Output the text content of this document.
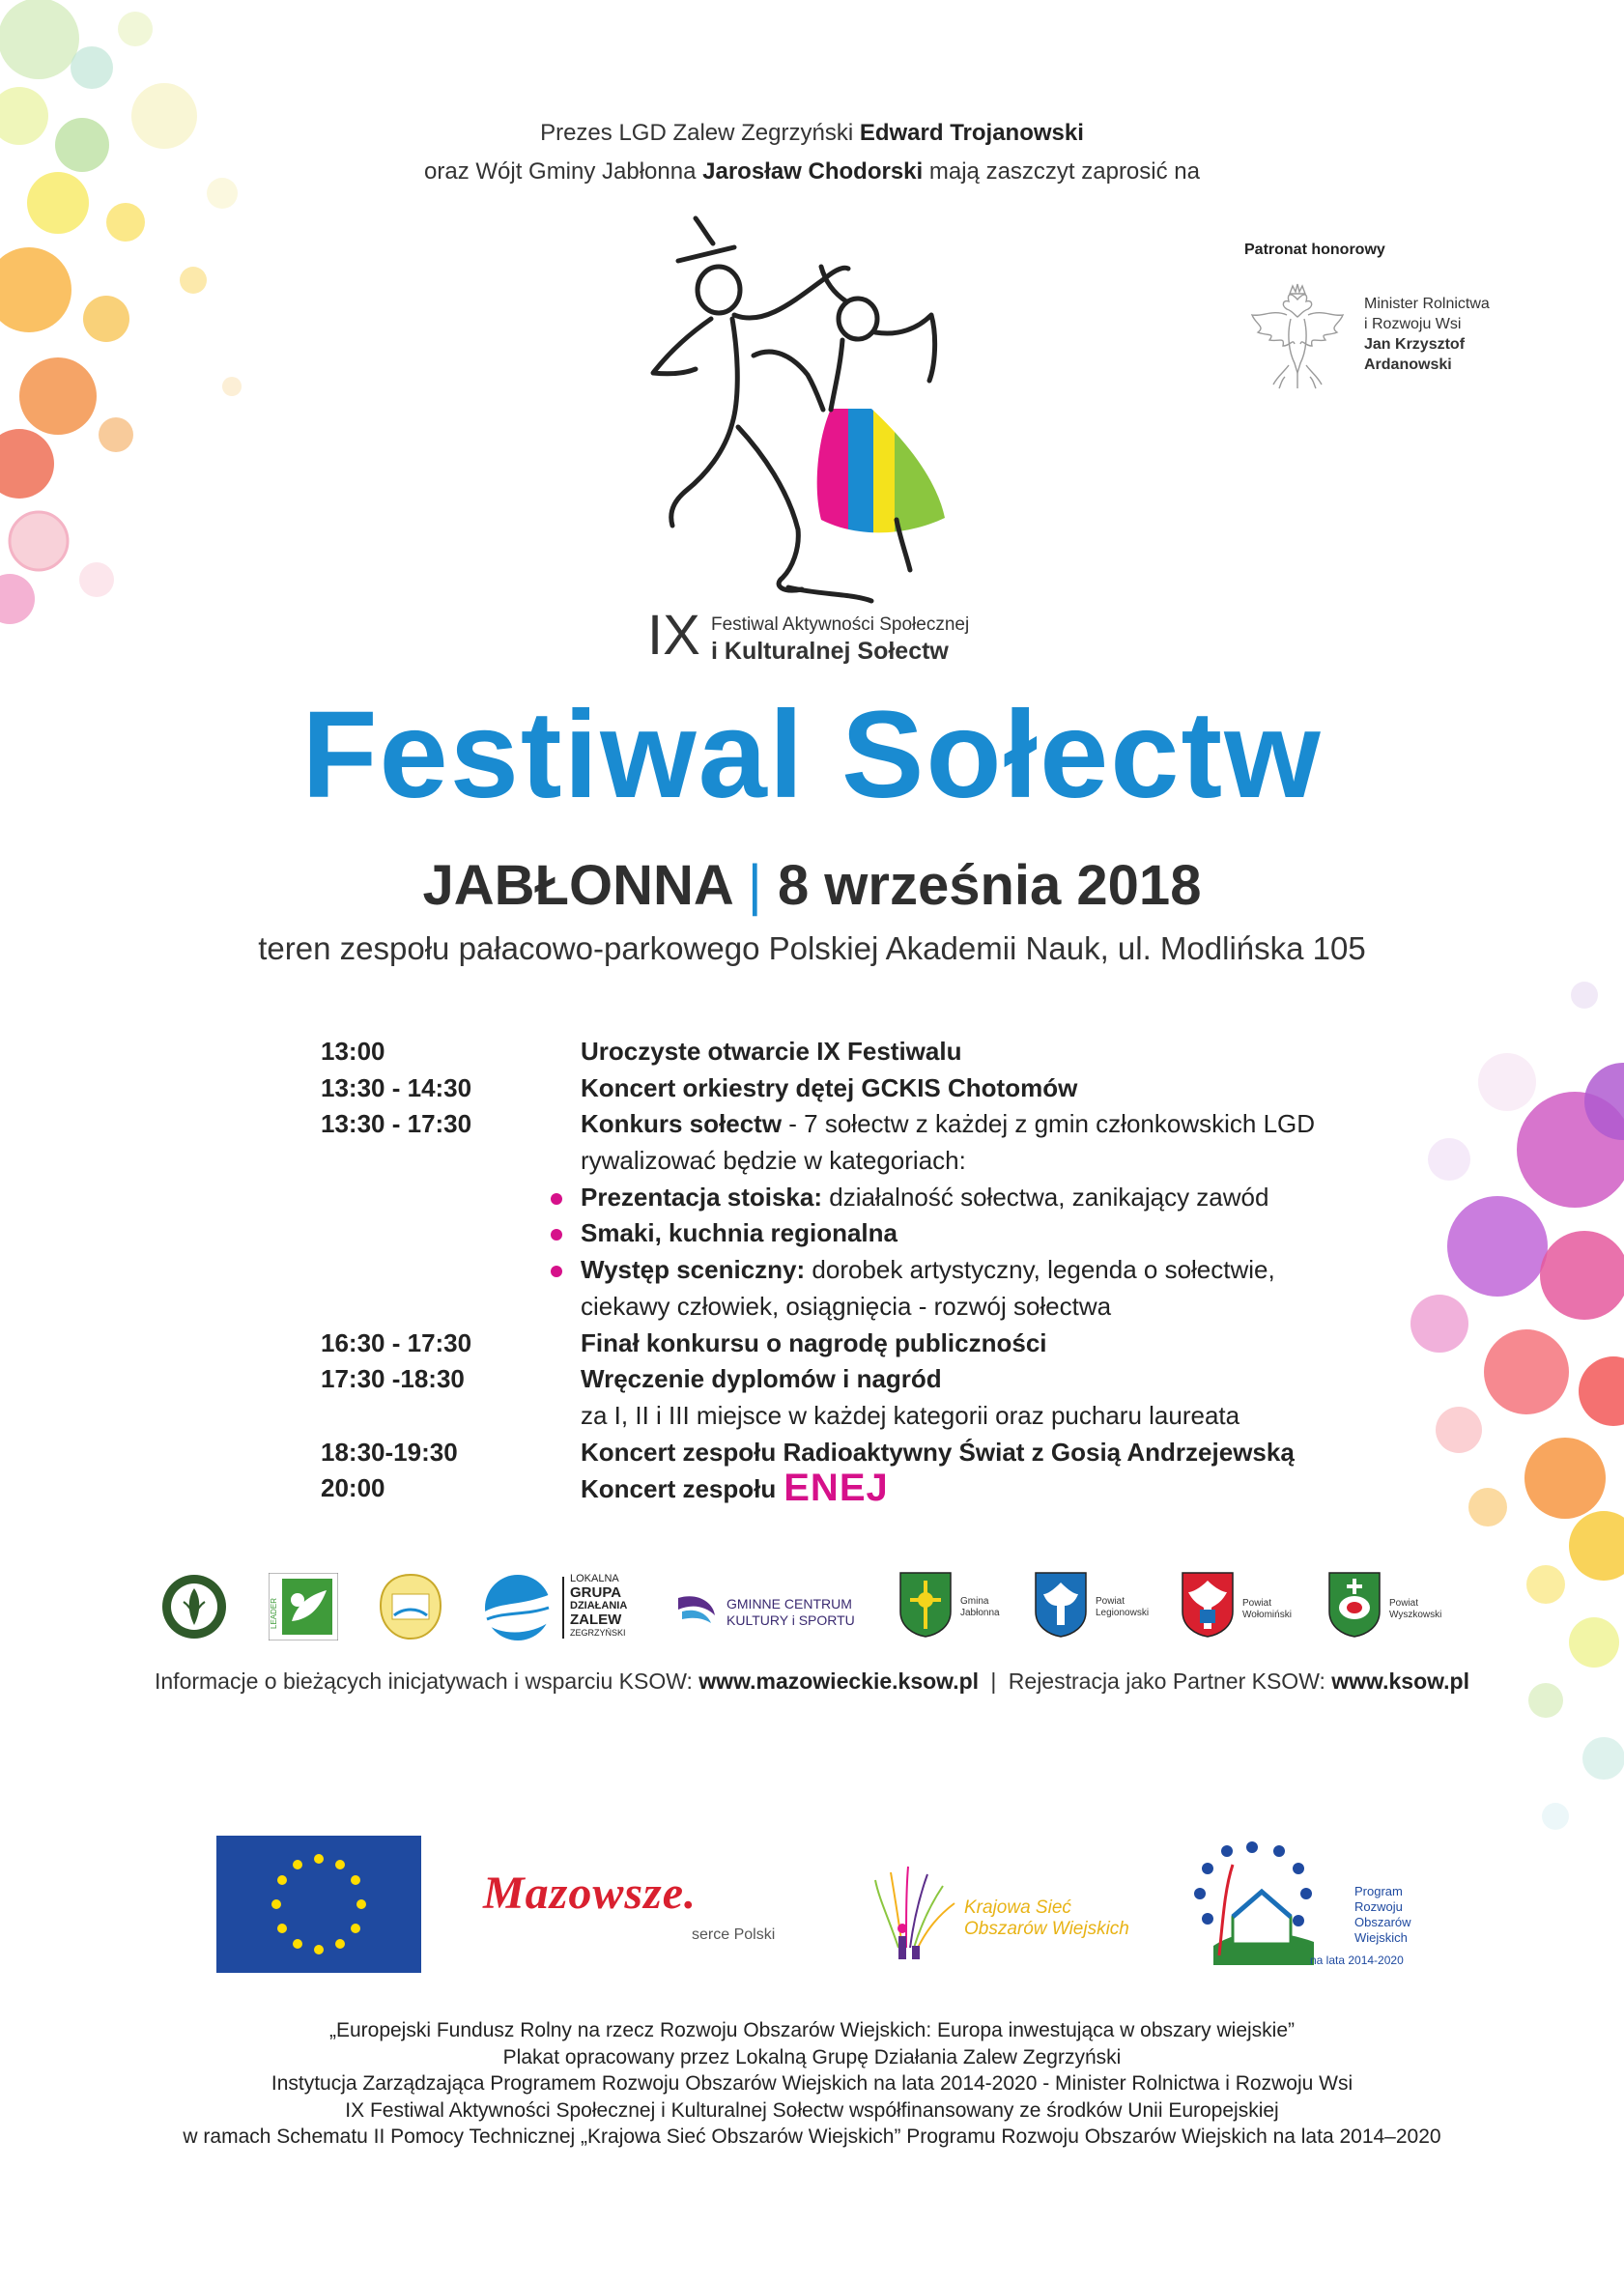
Prezes LGD Zalew Zegrzyński Edward Trojanowski
oraz Wójt Gminy Jabłonna Jarosław Chodorski mają zaszczyt zaprosić na
Patronat honorowy
Minister Rolnictwa
i Rozwoju Wsi
Jan Krzysztof
Ardanowski
IX Festiwal Aktywności Społecznej
i Kulturalnej Sołectw
Festiwal Sołectw
JABŁONNA | 8 września 2018
teren zespołu pałacowo-parkowego Polskiej Akademii Nauk, ul. Modlińska 105
13:00	Uroczyste otwarcie IX Festiwalu
13:30 - 14:30	Koncert orkiestry dętej GCKIS Chotomów
13:30 - 17:30	Konkurs sołectw - 7 sołectw z każdej z gmin członkowskich LGD
rywalizować będzie w kategoriach:
Prezentacja stoiska: działalność sołectwa, zanikający zawód
Smaki, kuchnia regionalna
Występ sceniczny: dorobek artystyczny, legenda o sołectwie,
ciekawy człowiek, osiągnięcia - rozwój sołectwa
16:30 - 17:30	Finał konkursu o nagrodę publiczności
17:30 -18:30	Wręczenie dyplomów i nagród
za I, II i III miejsce w każdej kategorii oraz pucharu laureata
18:30-19:30	Koncert zespołu Radioaktywny Świat z Gosią Andrzejewską
20:00	Koncert zespołu ENEJ
LEADER
LOKALNA
GRUPA
DZIAŁANIA
ZALEW
ZEGRZYŃSKI
GMINNE CENTRUM
KULTURY i SPORTU
Gmina
Jabłonna
Powiat
Legionowski
Powiat
Wołomiński
Powiat
Wyszkowski
Informacje o bieżących inicjatywach i wsparciu KSOW: www.mazowieckie.ksow.pl | Rejestracja jako Partner KSOW: www.ksow.pl
Mazowsze.
serce Polski
Krajowa Sieć
Obszarów Wiejskich
Program
Rozwoju
Obszarów
Wiejskich
na lata 2014-2020
„Europejski Fundusz Rolny na rzecz Rozwoju Obszarów Wiejskich: Europa inwestująca w obszary wiejskie”
Plakat opracowany przez Lokalną Grupę Działania Zalew Zegrzyński
Instytucja Zarządzająca Programem Rozwoju Obszarów Wiejskich na lata 2014-2020 - Minister Rolnictwa i Rozwoju Wsi
IX Festiwal Aktywności Społecznej i Kulturalnej Sołectw współfinansowany ze środków Unii Europejskiej
w ramach Schematu II Pomocy Technicznej „Krajowa Sieć Obszarów Wiejskich” Programu Rozwoju Obszarów Wiejskich na lata 2014–2020
